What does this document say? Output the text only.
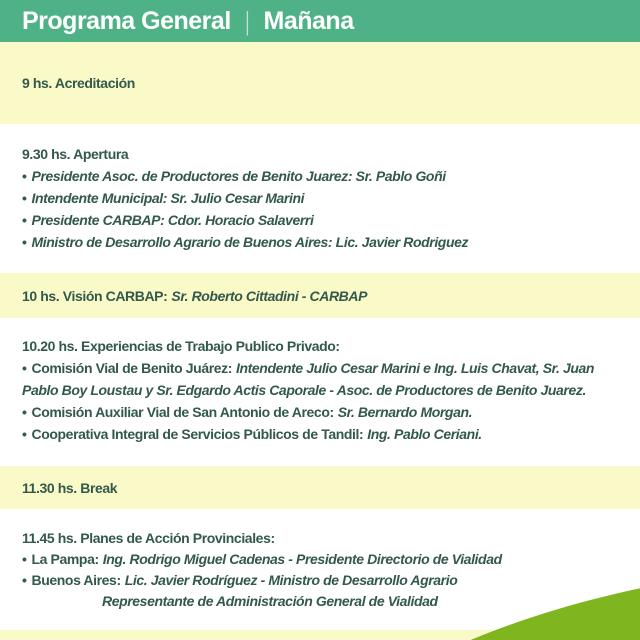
Programa General | Mañana

9 hs. Acreditación

9.30 hs. Apertura

• Presidente Asoc. de Productores de Benito Juarez: Sr. Pablo Goñi

• Intendente Municipal: Sr. Julio Cesar Marini

• Presidente CARBAP: Cdor. Horacio Salaverri

• Ministro de Desarrollo Agrario de Buenos Aires: Lic. Javier Rodriguez

10 hs. Visión CARBAP: Sr. Roberto Cittadini - CARBAP

10.20 hs. Experiencias de Trabajo Publico Privado:

• Comisión Vial de Benito Juárez: Intendente Julio Cesar Marini e Ing. Luis Chavat, Sr. Juan Pablo Boy Loustau y Sr. Edgardo Actis Caporale - Asoc. de Productores de Benito Juarez.

• Comisión Auxiliar Vial de San Antonio de Areco: Sr. Bernardo Morgan.

• Cooperativa Integral de Servicios Públicos de Tandil: Ing. Pablo Ceriani.

11.30 hs. Break

11.45 hs. Planes de Acción Provinciales:

• La Pampa: Ing. Rodrigo Miguel Cadenas - Presidente Directorio de Vialidad

• Buenos Aires: Lic. Javier Rodríguez - Ministro de Desarrollo Agrario

Representante de Administración General de Vialidad
